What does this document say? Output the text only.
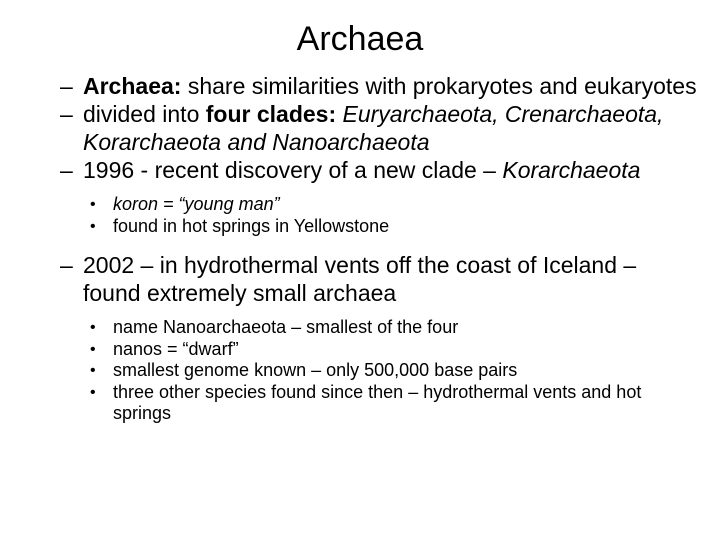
Archaea
– Archaea: share similarities with prokaryotes and eukaryotes
– divided into four clades: Euryarchaeota, Crenarchaeota, Korarchaeota and Nanoarchaeota
– 1996 - recent discovery of a new clade – Korarchaeota
• koron = “young man”
• found in hot springs in Yellowstone
– 2002 – in hydrothermal vents off the coast of Iceland – found extremely small archaea
• name Nanoarchaeota – smallest of the four
• nanos = “dwarf”
• smallest genome known – only 500,000 base pairs
• three other species found since then – hydrothermal vents and hot springs
